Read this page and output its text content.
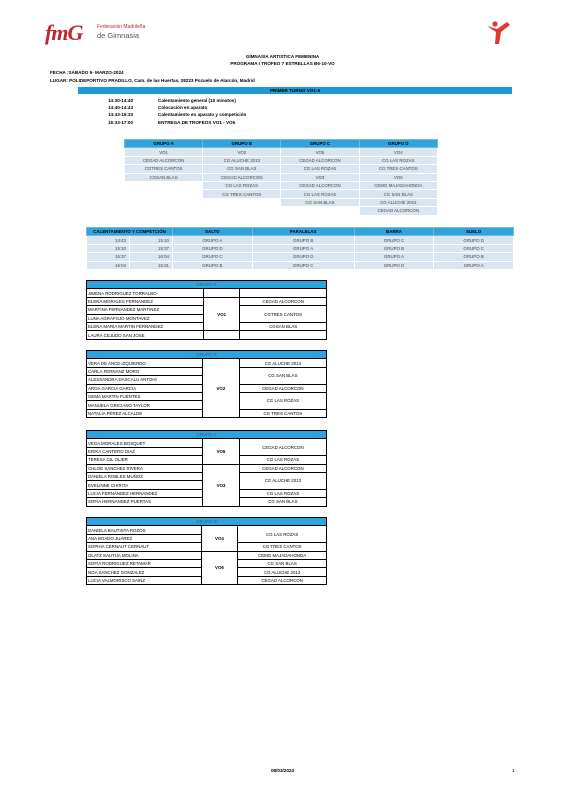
fmG	Federación Madrileña
de Gimnasia
GIMNASIA ARTISTICA FEMENINA
PROGRAMA I TROFEO 7 ESTRELLAS B6-10-VO
FECHA :SÁBADO 9- MARZO-2024
LUGAR: POLIDEPORTIVO PRADILLO, Cam. de las Huertas, 28223 Pozuelo de Alarcón, Madrid
PRIMER TURNO VO1-6
14:30-14:40	Calentamiento general (10 minutos)
14:40-14:43	Colocación en aparato
14:43-16:33	Calentamiento en aparato y competición
16:33-17:00	ENTREGA DE TROFEOS VO1 - VO6
GRUPO A	GRUPO B	GRUPO C	GRUPO D
VO1	VO2	VO5	VO4
CEGAD ALCORCON	CG ALUCHE 2013	CEGAD ALCORCON	CG LAS ROZAS
CGTRES CANTOS	CG SAN BLAS	CG LAS ROZAS	CG TRES CANTOS
CGSAN BLAS	CEGAD ALCORCON	VO3	VO6
	CG LAS ROZAS	CEGAD ALCORCON	CEMG MAJADAHONDA
	CG TRES CANTOS	CG LAS ROZAS	CG SAN BLAS
		CG SAN BLAS	CG ALUCHE 2013
			CEGAD ALCORCON
CALENTAMIENTO Y COMPETCIÓN		SALTO	PARALELAS	BARRA	SUELO
14:43	15:10	GRUPO A	GRUPO B	GRUPO C	GRUPO D
15:10	15:37	GRUPO D	GRUPO A	GRUPO B	GRUPO C
15:37	16:04	GRUPO C	GRUPO D	GRUPO A	GRUPO B
16:04	16:31	GRUPO B	GRUPO C	GRUPO D	GRUPO A
GRUPO A		
JIMENA RODRIGUEZ TORRALBO		
ELENA MORALES FERNANDEZ	VO1	CEGAD ALCORCON
MARTINA FERNANDEZ MARTINEZ		CGTRES CANTOS
LUNA AGRAFOJO MONTAVEZ		
ELENA MARÍA MARTIN FERNANDEZ		CGSAN BLAS
LAURA CEJUDO SAN JOSE		
GRUPO B		
VERA DE ANCE IZQUIERDO	VO2	CG ALUCHE 2013
CARLA FERNANZ MORO		CG SAN BLAS
ALESSANDRA DASCALU ANTOHI		
AROA GARCIA GARCIA		CEGAD ALCORCON
GEMA MARTÍN FUENTES		CG LAS ROZAS
MANUELA GRICIANO TAYLOR		
NATALIA PÉREZ ALCALDE		CG TRES CANTOS
GRUPO C		
VEGA MORALES BOSQUET	VO5	CEGAD ALCORCON
ERIKA CANTERO DIAZ		
TERESA GIL OLIER		CG LAS ROZAS
CHLOE SÁNCHEZ RIVERA	VO3	CEGAD ALCORCON
DANIELA ROBLES MUÑOZ		CG ALUCHE 2013
EVELINNE CHIRITA		
LUCIA FERNÁNDEZ HERNÁNDEZ		CG LAS ROZAS
SOFIA HERNANDEZ PUERTAS		CG SAN BLAS
GRUPO D		
DANIELA BAUTISTA ROZOS	VO4	CG LAS ROZAS
ANA BOADO JUÁREZ		
SOPHIA CERNAUT CERNAUT		CG TRES CANTOS
OLATZ SAUTUA MOLINA	VO6	CEMG MAJADAHONDA
SOFIA RODRIGUEZ RETAMAR		CG SAN BLAS
NOA SANCHEZ GONZALEZ		CG ALUCHE 2013
LUCIA VALMORISCO SAINZ		CEGAD ALCORCON
08/03/2024	1
